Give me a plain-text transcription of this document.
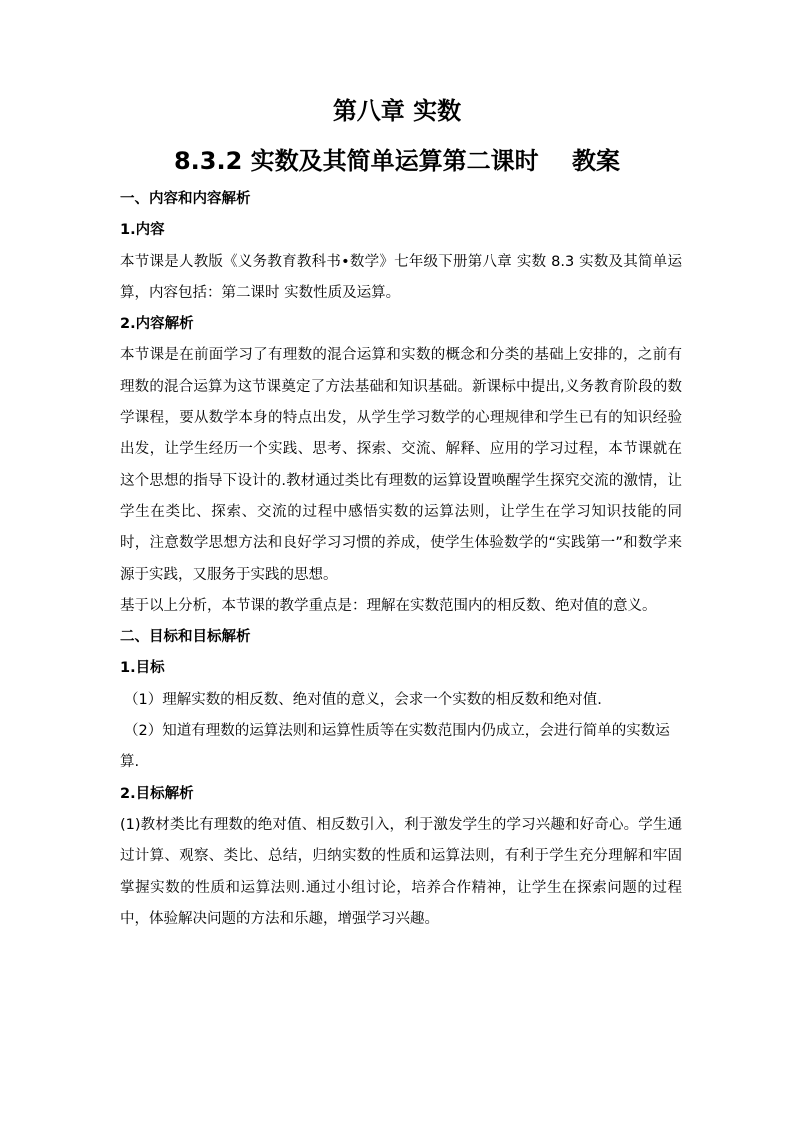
第八章 实数
8.3.2 实数及其简单运算第二课时    教案

一、内容和内容解析

1.内容

本节课是人教版《义务教育教科书•数学》七年级下册第八章 实数 8.3 实数及其简单运算，内容包括：第二课时 实数性质及运算。

2.内容解析

本节课是在前面学习了有理数的混合运算和实数的概念和分类的基础上安排的，之前有理数的混合运算为这节课奠定了方法基础和知识基础。新课标中提出,义务教育阶段的数学课程，要从数学本身的特点出发，从学生学习数学的心理规律和学生已有的知识经验出发，让学生经历一个实践、思考、探索、交流、解释、应用的学习过程，本节课就在这个思想的指导下设计的.教材通过类比有理数的运算设置唤醒学生探究交流的激情，让学生在类比、探索、交流的过程中感悟实数的运算法则，让学生在学习知识技能的同时，注意数学思想方法和良好学习习惯的养成，使学生体验数学的“实践第一”和数学来源于实践，又服务于实践的思想。

基于以上分析，本节课的教学重点是：理解在实数范围内的相反数、绝对值的意义。

二、目标和目标解析

1.目标

（1）理解实数的相反数、绝对值的意义，会求一个实数的相反数和绝对值.

（2）知道有理数的运算法则和运算性质等在实数范围内仍成立，会进行简单的实数运算.

2.目标解析

(1)教材类比有理数的绝对值、相反数引入，利于激发学生的学习兴趣和好奇心。学生通过计算、观察、类比、总结，归纳实数的性质和运算法则，有利于学生充分理解和牢固掌握实数的性质和运算法则.通过小组讨论，培养合作精神，让学生在探索问题的过程中，体验解决问题的方法和乐趣，增强学习兴趣。
